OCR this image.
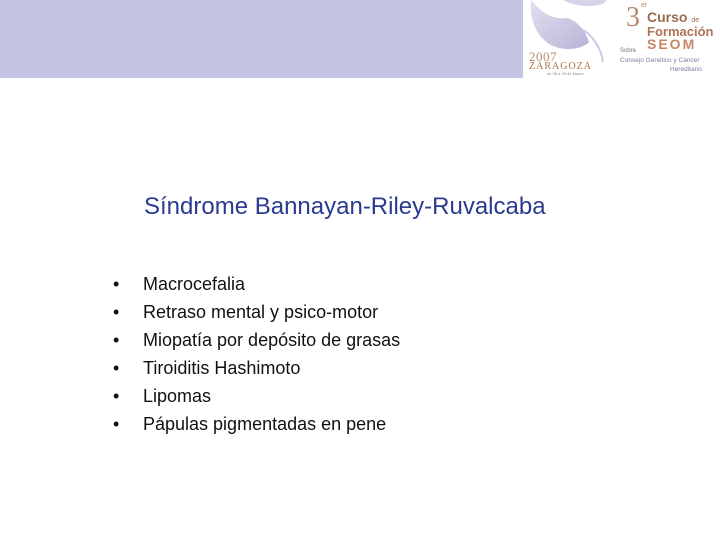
2007
ZARAGOZA
de 26 a 28 de Marzo
3 er
Curso de
Formación
SEOM
Sobre
Consejo Genético y Cáncer
Hereditario
Síndrome Bannayan-Riley-Ruvalcaba
•	Macrocefalia
•	Retraso mental y psico-motor
•	Miopatía por depósito de grasas
•	Tiroiditis Hashimoto
•	Lipomas
•	Pápulas pigmentadas en pene
